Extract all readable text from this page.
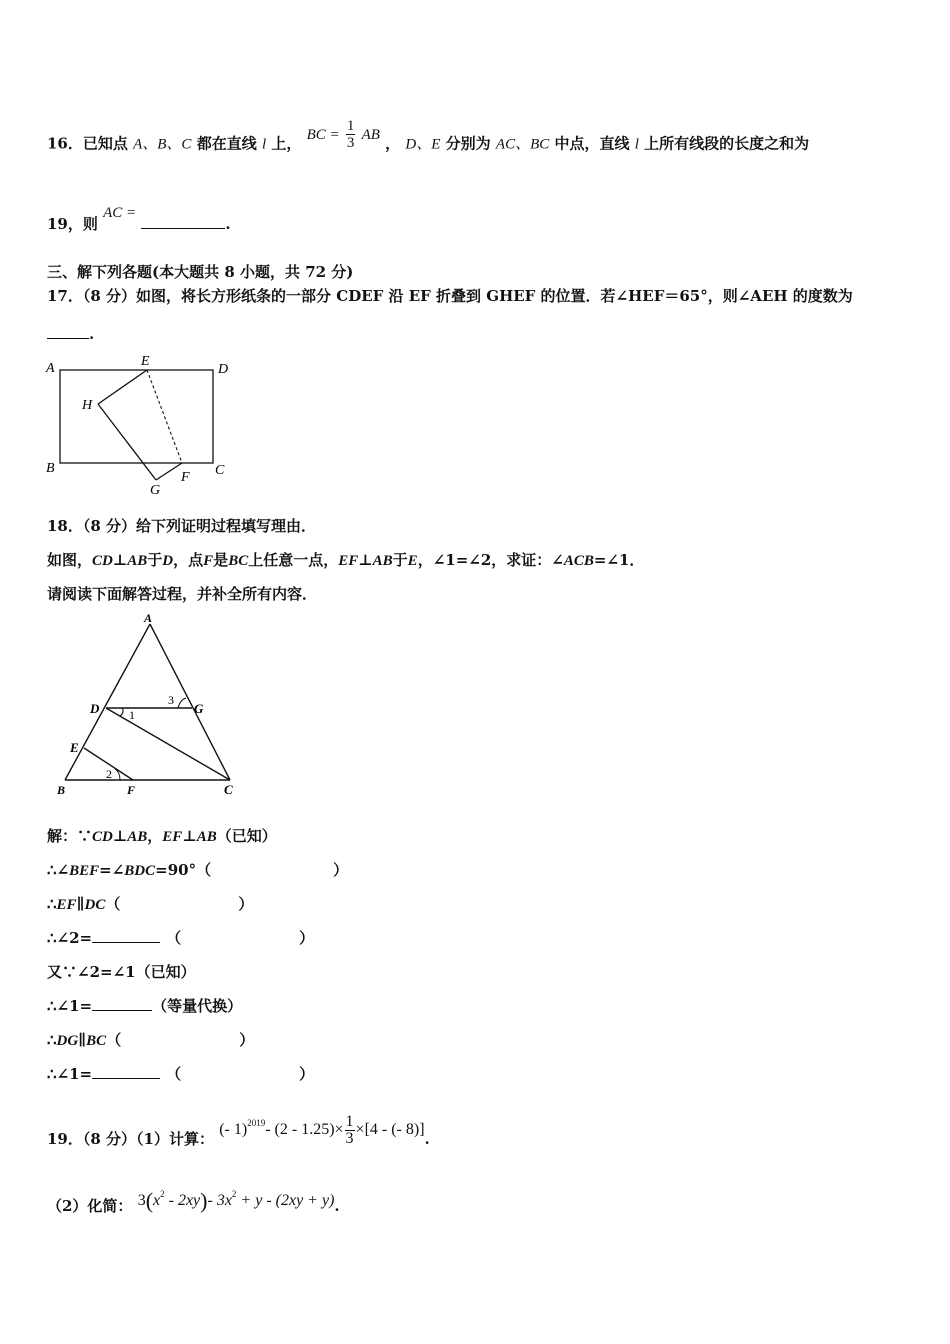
16．已知点 A、B、C 都在直线 l 上， BC = $\frac{1}{3}$ AB ， D、E 分别为 AC、BC 中点，直线 l 上所有线段的长度之和为
19，则 AC = .
三、解下列各题(本大题共 8 小题，共 72 分)
17．（8 分）如图，将长方形纸条的一部分 CDEF 沿 EF 折叠到 GHEF 的位置．若∠HEF＝65°，则∠AEH 的度数为
.
A	E
D
H
B	C
F
G
18．（8 分）给下列证明过程填写理由．
如图，CD⊥AB于D，点F是BC上任意一点，EF⊥AB于E，∠1=∠2，求证：∠ACB=∠1．
请阅读下面解答过程，并补全所有内容．
A
D	G
E
B	F	C
1
2
3
解：∵CD⊥AB，EF⊥AB（已知）
∴∠BEF=∠BDC=90°（	）
∴EF∥DC（	）
∴∠2=	（	）
又∵∠2=∠1（已知）
∴∠1=	（等量代换）
∴DG∥BC（	）
∴∠1=	（	）
19．（8 分）（1）计算： (- 1)$^{2019}$- $(2 - 1.25)\times \frac{1}{3} \times[4$ - (- 8)].
（2）化简： $3(x^2 - 2xy)-$ $3x^2 + y - (2xy + y)$.
